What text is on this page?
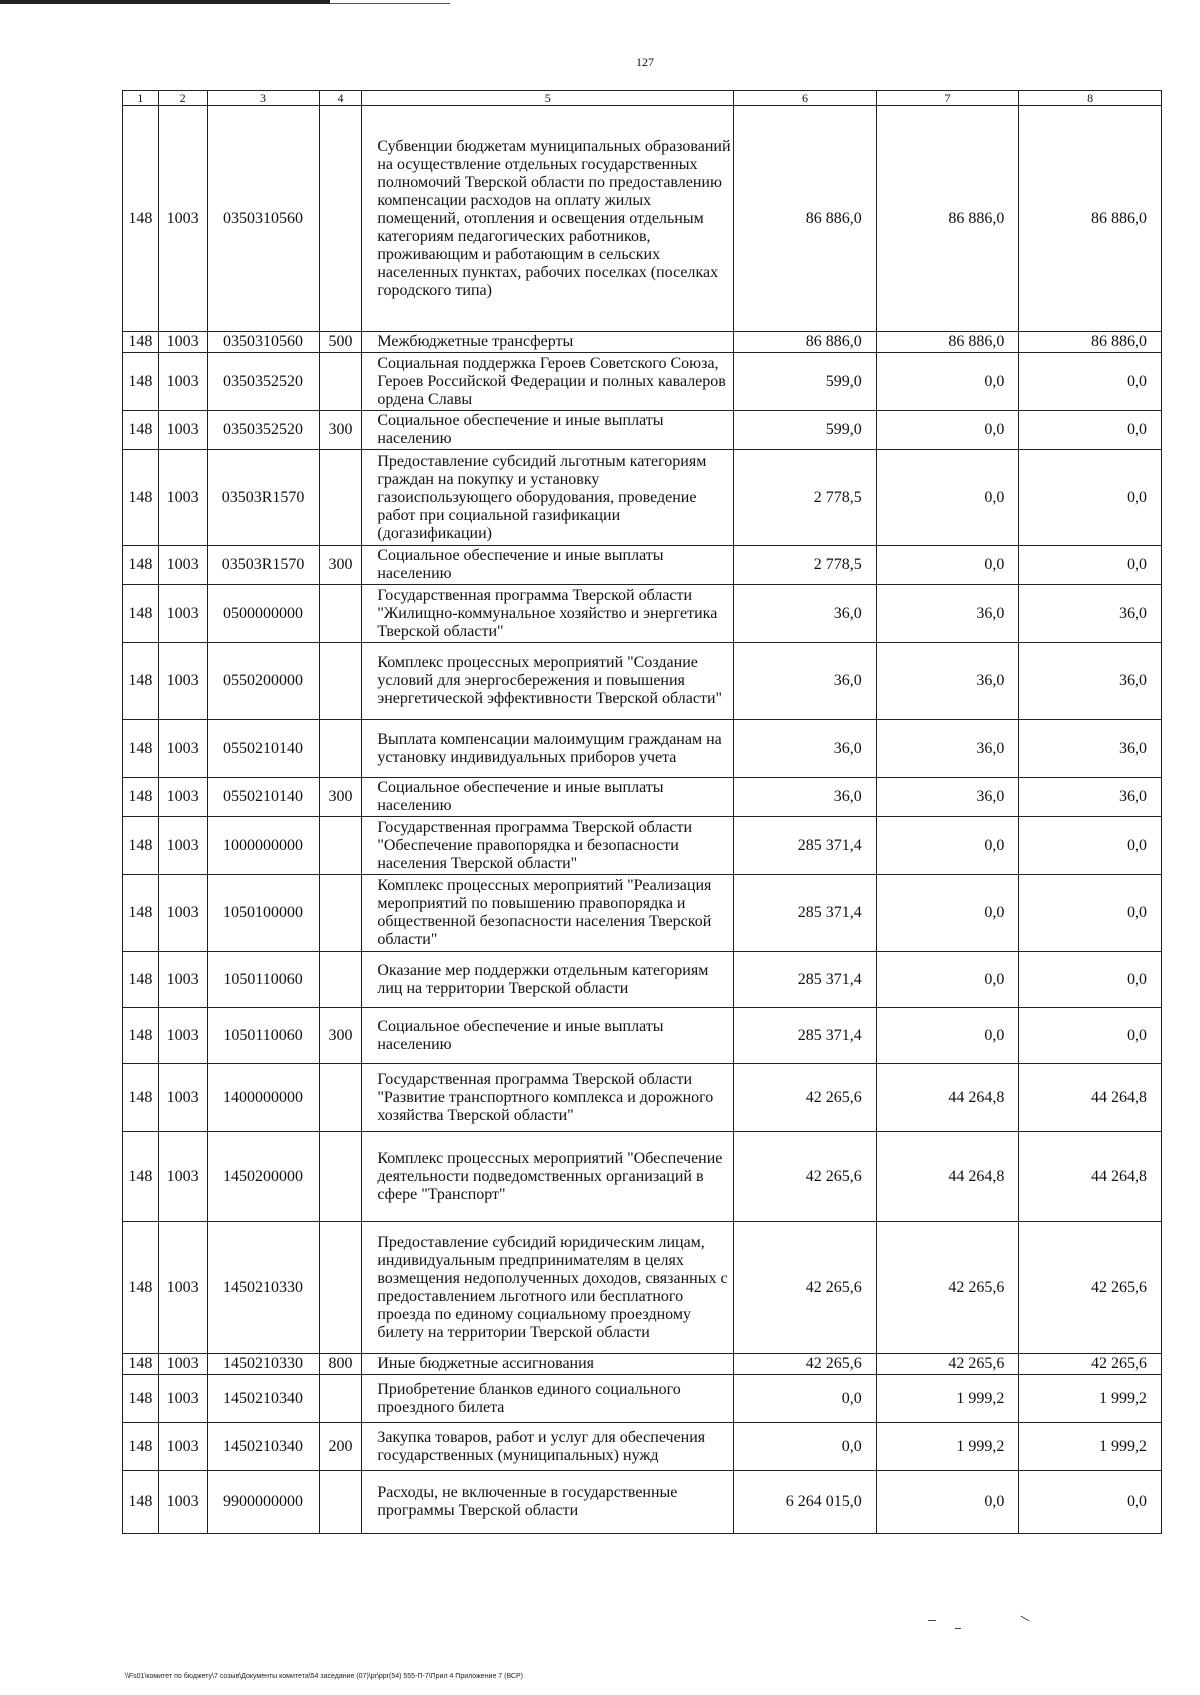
127
1	2	3	4	5	6	7	8
148	1003	0350310560		Субвенции бюджетам муниципальных образований на осуществление отдельных государственных полномочий Тверской области по предоставлению компенсации расходов на оплату жилых помещений, отопления и освещения отдельным категориям педагогических работников, проживающим и работающим в сельских населенных пунктах, рабочих поселках (поселках городского типа)	86 886,0	86 886,0	86 886,0
148	1003	0350310560	500	Межбюджетные трансферты	86 886,0	86 886,0	86 886,0
148	1003	0350352520		Социальная поддержка Героев Советского Союза, Героев Российской Федерации и полных кавалеров ордена Славы	599,0	0,0	0,0
148	1003	0350352520	300	Социальное обеспечение и иные выплаты населению	599,0	0,0	0,0
148	1003	03503R1570		Предоставление субсидий льготным категориям граждан на покупку и установку газоиспользующего оборудования, проведение работ при социальной газификации (догазификации)	2 778,5	0,0	0,0
148	1003	03503R1570	300	Социальное обеспечение и иные выплаты населению	2 778,5	0,0	0,0
148	1003	0500000000		Государственная программа Тверской области "Жилищно-коммунальное хозяйство и энергетика Тверской области"	36,0	36,0	36,0
148	1003	0550200000		Комплекс процессных мероприятий "Создание условий для энергосбережения и повышения энергетической эффективности Тверской области"	36,0	36,0	36,0
148	1003	0550210140		Выплата компенсации малоимущим гражданам на установку индивидуальных приборов учета	36,0	36,0	36,0
148	1003	0550210140	300	Социальное обеспечение и иные выплаты населению	36,0	36,0	36,0
148	1003	1000000000		Государственная программа Тверской области "Обеспечение правопорядка и безопасности населения Тверской области"	285 371,4	0,0	0,0
148	1003	1050100000		Комплекс процессных мероприятий "Реализация мероприятий по повышению правопорядка и общественной безопасности населения Тверской области"	285 371,4	0,0	0,0
148	1003	1050110060		Оказание мер поддержки отдельным категориям лиц на территории Тверской области	285 371,4	0,0	0,0
148	1003	1050110060	300	Социальное обеспечение и иные выплаты населению	285 371,4	0,0	0,0
148	1003	1400000000		Государственная программа Тверской области "Развитие транспортного комплекса и дорожного хозяйства Тверской области"	42 265,6	44 264,8	44 264,8
148	1003	1450200000		Комплекс процессных мероприятий "Обеспечение деятельности подведомственных организаций в сфере "Транспорт"	42 265,6	44 264,8	44 264,8
148	1003	1450210330		Предоставление субсидий юридическим лицам, индивидуальным предпринимателям в целях возмещения недополученных доходов, связанных с предоставлением льготного или бесплатного проезда по единому социальному проездному билету на территории Тверской области	42 265,6	42 265,6	42 265,6
148	1003	1450210330	800	Иные бюджетные ассигнования	42 265,6	42 265,6	42 265,6
148	1003	1450210340		Приобретение бланков единого социального проездного билета	0,0	1 999,2	1 999,2
148	1003	1450210340	200	Закупка товаров, работ и услуг для обеспечения государственных (муниципальных) нужд	0,0	1 999,2	1 999,2
148	1003	9900000000		Расходы, не включенные в государственные программы Тверской области	6 264 015,0	0,0	0,0
\\Fs01\комитет по бюджету\7 созыв\Документы комитета\54 заседание (07)\pr\ppr(54) 555-П-7\Прил 4 Приложение 7 (ВСР)
